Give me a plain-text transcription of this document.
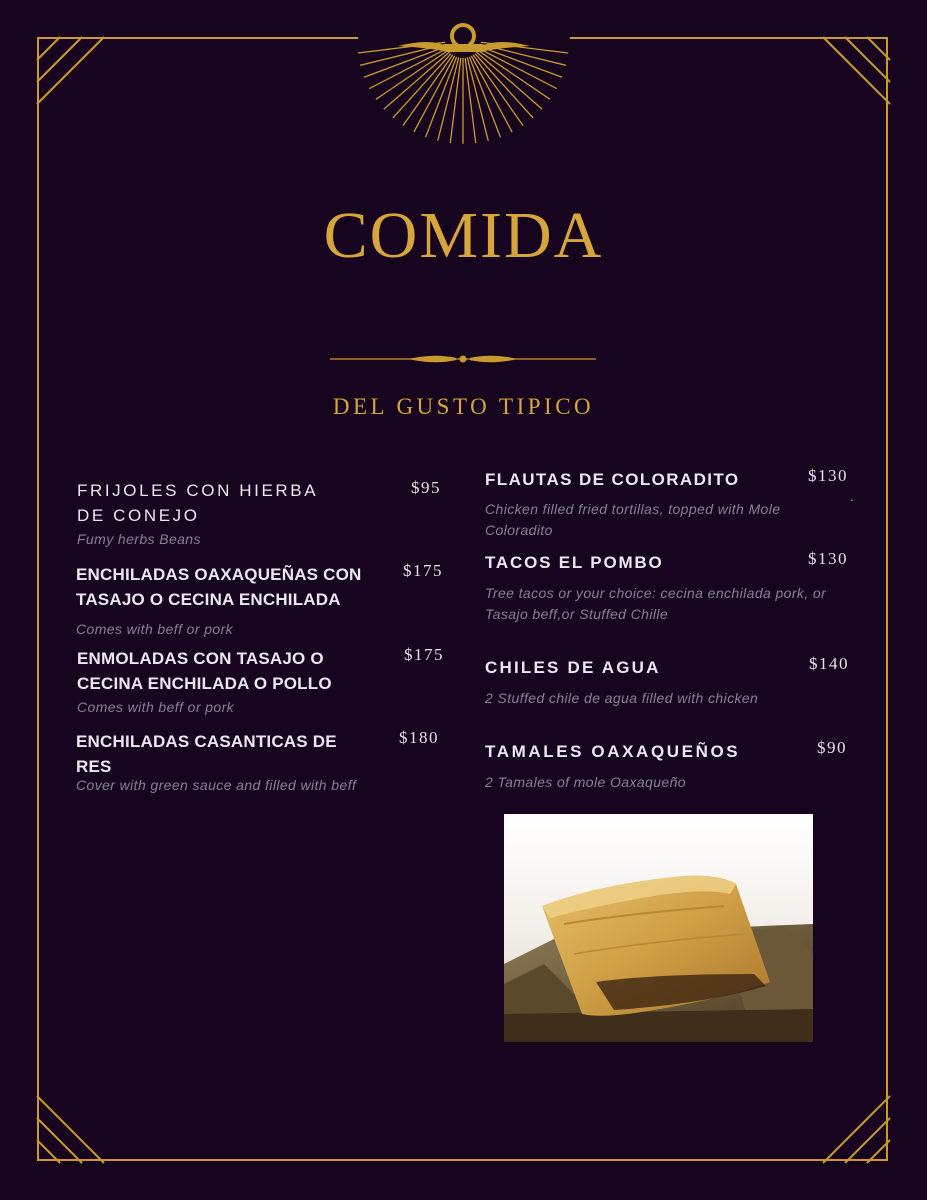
COMIDA
DEL GUSTO TIPICO
FRIJOLES CON HIERBA DE CONEJO
Fumy herbs Beans
$95
ENCHILADAS OAXAQUEÑAS CON TASAJO O CECINA ENCHILADA
Comes with beff or pork
$175
ENMOLADAS CON TASAJO O CECINA ENCHILADA O POLLO
Comes with beff or pork
$175
ENCHILADAS CASANTICAS DE RES
Cover with green sauce and filled with beff
$180
FLAUTAS DE COLORADITO
Chicken filled fried tortillas, topped with Mole Coloradito
$130
.
TACOS EL POMBO
Tree tacos or your choice: cecina enchilada pork, or Tasajo beff,or Stuffed Chille
$130
CHILES DE AGUA
2 Stuffed chile de agua filled with chicken
$140
TAMALES OAXAQUEÑOS
2 Tamales of mole Oaxaqueño
$90
